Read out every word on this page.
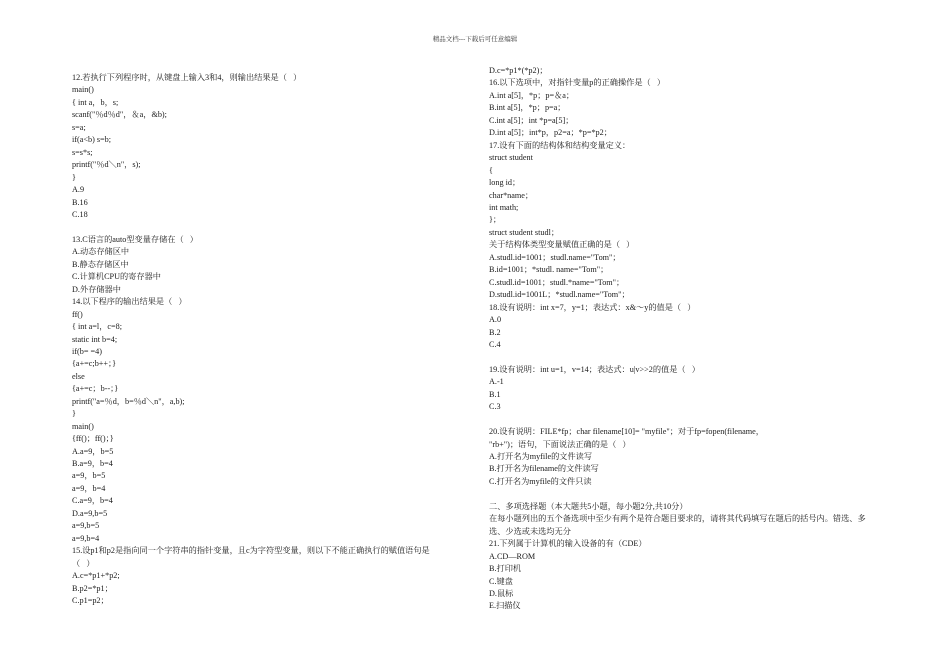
精品文档---下载后可任意编辑
12.若执行下列程序时，从键盘上输入3和4，则输出结果是（   ）
main()
{ int a，b，s;
scanf("％d％d"，＆a，&b);
s=a;
if(a<b) s=b;
s=s*s;
printf("％d＼n"，s);
}
A.9
B.16
C.18
13.C语言的auto型变量存储在（   ）
A.动态存储区中
B.静态存储区中
C.计算机CPU的寄存器中
D.外存储器中
14.以下程序的输出结果是（   ）
ff()
{ int a=l，c=8;
static int b=4;
if(b= =4)
{a+=c;b++；}
else
{a+=c；b--；}
printf("a=％d，b=％d＼n"，a,b);
}
main()
{ff()；ff()；}
A.a=9，b=5
B.a=9，b=4
a=9，b=5
a=9，b=4
C.a=9，b=4
D.a=9,b=5
a=9,b=5
a=9,b=4
15.设p1和p2是指向同一个字符串的指针变量，且c为字符型变量，则以下不能正确执行的赋值语句是
（   ）
A.c=*p1+*p2;
B.p2=*p1；
C.p1=p2；
D.c=*p1*(*p2)；
16.以下选项中，对指针变量p的正确操作是（   ）
A.int a[5]，*p；p=＆a；
B.int a[5]，*p；p=a；
C.int a[5]；int *p=a[5]；
D.int a[5]；int*p，p2=a；*p=*p2；
17.设有下面的结构体和结构变量定义：
struct student
{
long id；
char*name；
int math;
}；
struct student studl；
关于结构体类型变量赋值正确的是（   ）
A.studl.id=1001；studl.name="Tom"；
B.id=1001；*studl. name="Tom"；
C.studl.id=1001；studl.*name="Tom"；
D.studl.id=1001L；*studl.name="Tom"；
18.设有说明：int x=7，y=1；表达式：x&～y的值是（   ）
A.0
B.2
C.4
19.设有说明：int u=1，v=14；表达式：u|v>>2的值是（   ）
A.-1
B.1
C.3
20.设有说明：FILE*fp；char filename[10]= "myfile"；对于fp=fopen(filename，
"rb+")；语句，下面说法正确的是（   ）
A.打开名为myfile的文件读写
B.打开名为filename的文件读写
C.打开名为myfile的文件只读
二、多项选择题（本大题共5小题，每小题2分,共10分）
在每小题列出的五个备选项中至少有两个是符合题目要求的，请将其代码填写在题后的括号内。错选、多
选、少选或未选均无分
21.下列属于计算机的输入设备的有（CDE）
A.CD—ROM
B.打印机
C.键盘
D.鼠标
E.扫描仪
